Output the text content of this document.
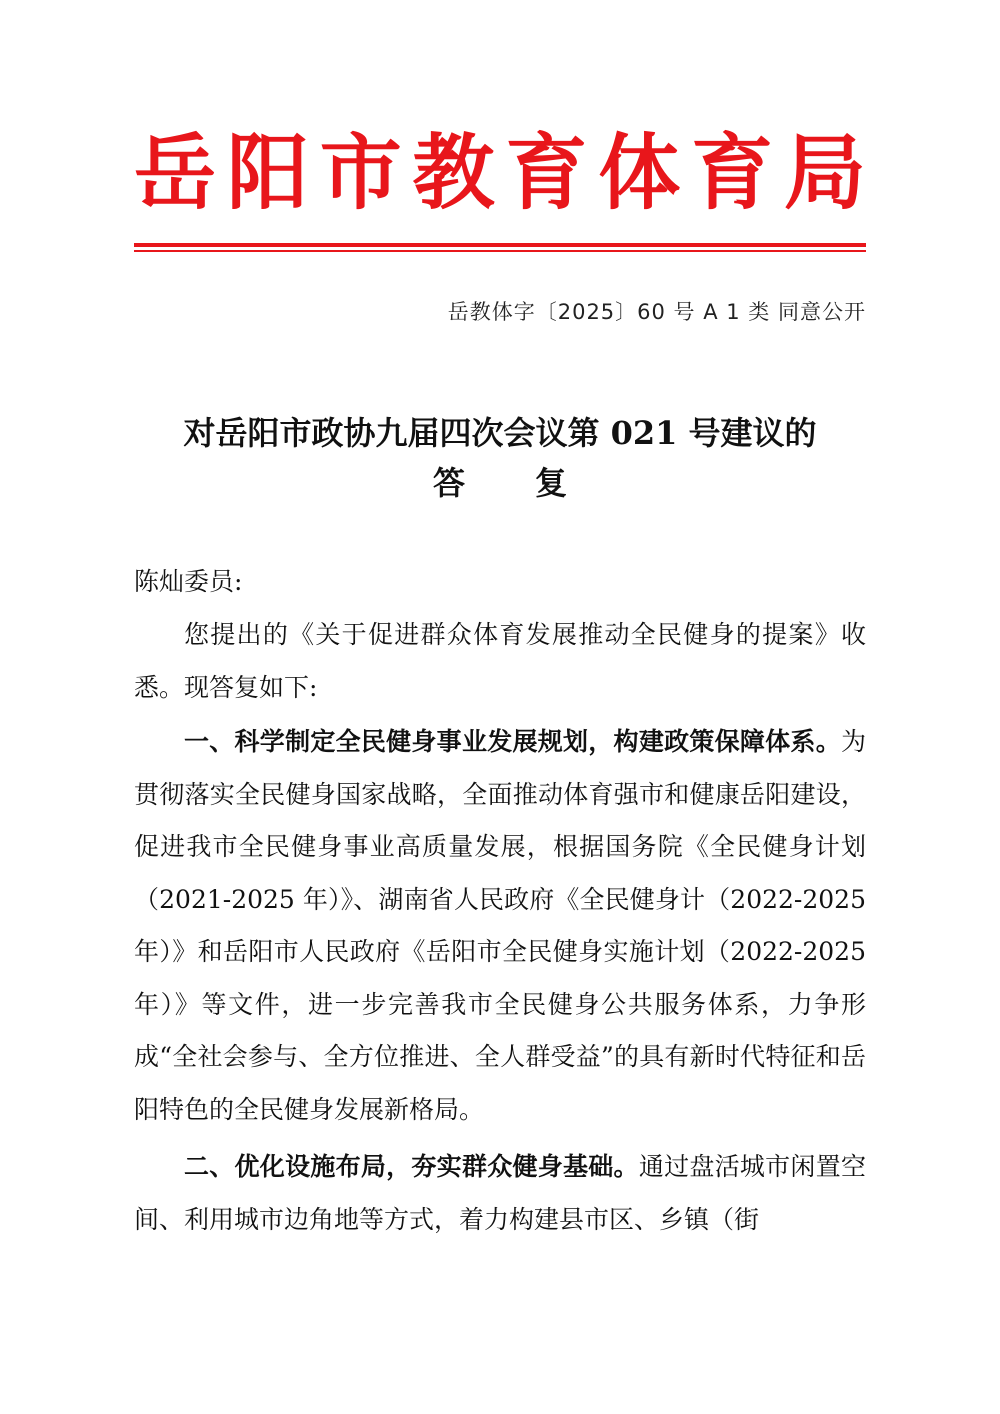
岳 阳 市 教 育 体 育 局
岳教体字〔2025〕60 号 A 1 类 同意公开
对岳阳市政协九届四次会议第 021 号建议的
答 复
陈灿委员:

您提出的《关于促进群众体育发展推动全民健身的提案》收悉。现答复如下:

一、科学制定全民健身事业发展规划，构建政策保障体系。为贯彻落实全民健身国家战略，全面推动体育强市和健康岳阳建设，促进我市全民健身事业高质量发展，根据国务院《全民健身计划（2021-2025 年）》、湖南省人民政府《全民健身计（2022-2025 年）》和岳阳市人民政府《岳阳市全民健身实施计划（2022-2025 年）》等文件，进一步完善我市全民健身公共服务体系，力争形成“全社会参与、全方位推进、全人群受益”的具有新时代特征和岳阳特色的全民健身发展新格局。

二、优化设施布局，夯实群众健身基础。通过盘活城市闲置空间、利用城市边角地等方式，着力构建县市区、乡镇（街
